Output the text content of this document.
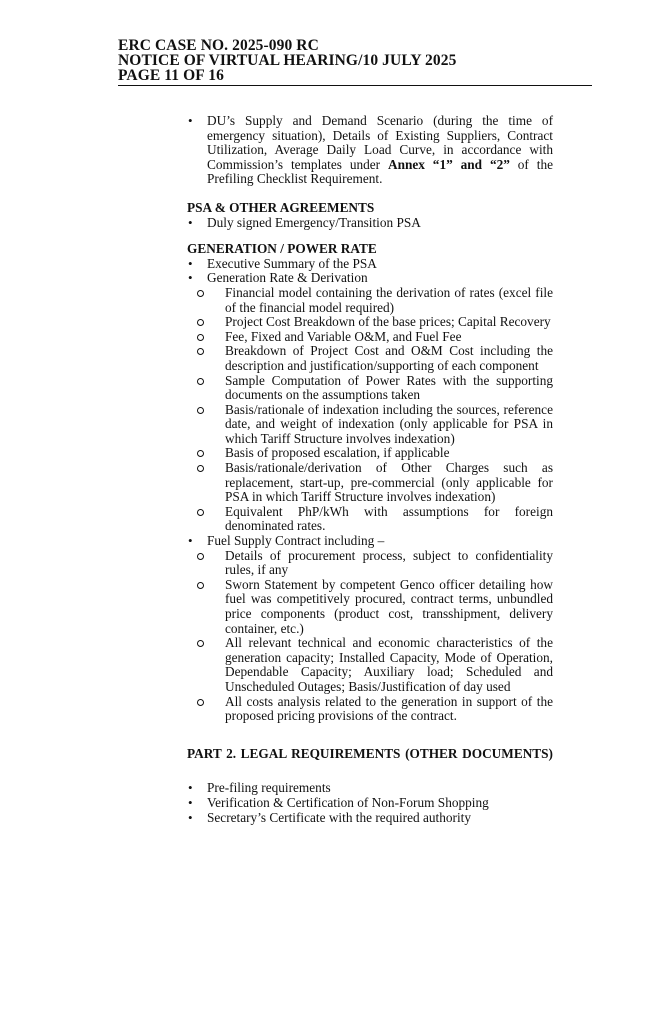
ERC CASE NO. 2025-090 RC
NOTICE OF VIRTUAL HEARING/10 JULY 2025
PAGE 11 OF 16
• DU’s Supply and Demand Scenario (during the time of emergency situation), Details of Existing Suppliers, Contract Utilization, Average Daily Load Curve, in accordance with Commission’s templates under Annex “1” and “2” of the Prefiling Checklist Requirement.
PSA & OTHER AGREEMENTS
• Duly signed Emergency/Transition PSA
GENERATION / POWER RATE
• Executive Summary of the PSA
• Generation Rate & Derivation
Financial model containing the derivation of rates (excel file of the financial model required)
Project Cost Breakdown of the base prices; Capital Recovery
Fee, Fixed and Variable O&M, and Fuel Fee
Breakdown of Project Cost and O&M Cost including the description and justification/supporting of each component
Sample Computation of Power Rates with the supporting documents on the assumptions taken
Basis/rationale of indexation including the sources, reference date, and weight of indexation (only applicable for PSA in which Tariff Structure involves indexation)
Basis of proposed escalation, if applicable
Basis/rationale/derivation of Other Charges such as replacement, start-up, pre-commercial (only applicable for PSA in which Tariff Structure involves indexation)
Equivalent PhP/kWh with assumptions for foreign denominated rates.
• Fuel Supply Contract including –
Details of procurement process, subject to confidentiality rules, if any
Sworn Statement by competent Genco officer detailing how fuel was competitively procured, contract terms, unbundled price components (product cost, transshipment, delivery container, etc.)
All relevant technical and economic characteristics of the generation capacity; Installed Capacity, Mode of Operation, Dependable Capacity; Auxiliary load; Scheduled and Unscheduled Outages; Basis/Justification of day used
All costs analysis related to the generation in support of the proposed pricing provisions of the contract.
PART 2. LEGAL REQUIREMENTS (OTHER DOCUMENTS)
• Pre-filing requirements
• Verification & Certification of Non-Forum Shopping
• Secretary’s Certificate with the required authority
